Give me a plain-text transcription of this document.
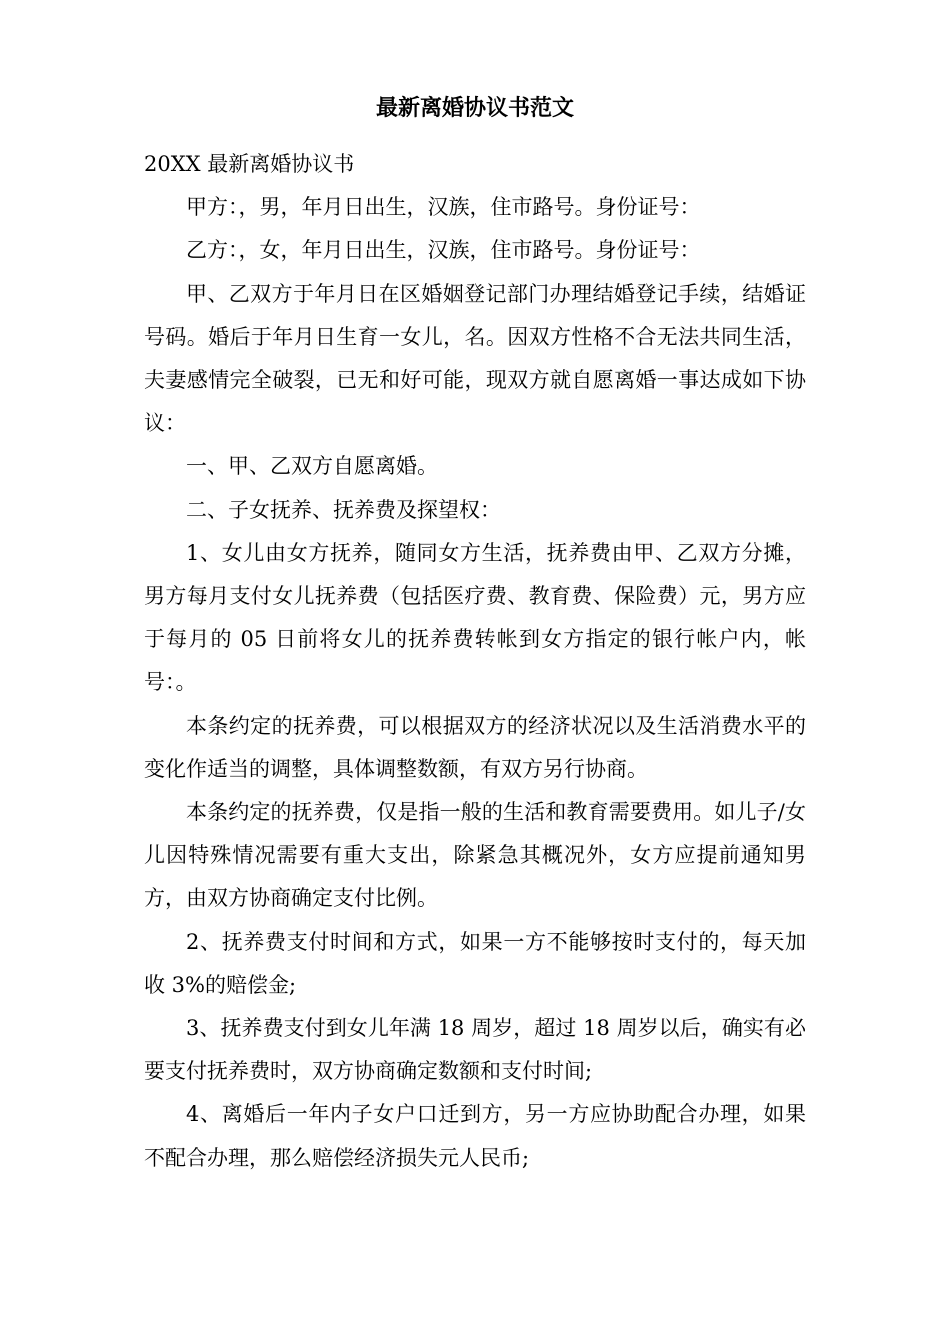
最新离婚协议书范文

20XX 最新离婚协议书

甲方：，男，年月日出生，汉族，住市路号。身份证号：

乙方：，女，年月日出生，汉族，住市路号。身份证号：

甲、乙双方于年月日在区婚姻登记部门办理结婚登记手续，结婚证号码。婚后于年月日生育一女儿，名。因双方性格不合无法共同生活，夫妻感情完全破裂，已无和好可能，现双方就自愿离婚一事达成如下协议：

一、甲、乙双方自愿离婚。

二、子女抚养、抚养费及探望权：

1、女儿由女方抚养，随同女方生活，抚养费由甲、乙双方分摊，男方每月支付女儿抚养费（包括医疗费、教育费、保险费）元，男方应于每月的 05 日前将女儿的抚养费转帐到女方指定的银行帐户内，帐号：。

本条约定的抚养费，可以根据双方的经济状况以及生活消费水平的变化作适当的调整，具体调整数额，有双方另行协商。

本条约定的抚养费，仅是指一般的生活和教育需要费用。如儿子/女儿因特殊情况需要有重大支出，除紧急其概况外，女方应提前通知男方，由双方协商确定支付比例。

2、抚养费支付时间和方式，如果一方不能够按时支付的，每天加收 3%的赔偿金;

3、抚养费支付到女儿年满 18 周岁，超过 18 周岁以后，确实有必要支付抚养费时，双方协商确定数额和支付时间;

4、离婚后一年内子女户口迁到方，另一方应协助配合办理，如果不配合办理，那么赔偿经济损失元人民币;
